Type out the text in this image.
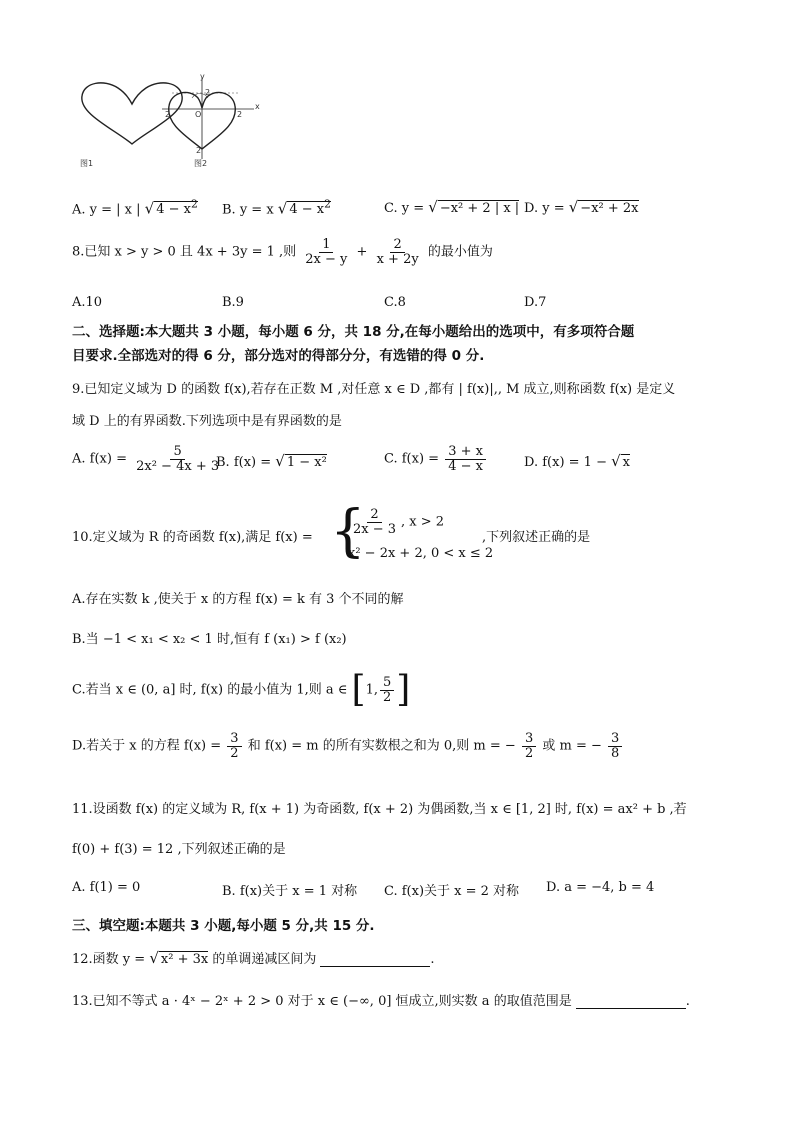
图1	图2
y
x
2	2
O
2
2
A. y = | x | √ $4 - x^2$ B. y = x √ $4 - x^2$	C. y = √ −x² + 2 | x | D. y = √ −x² + 2x
8.已知 x > y > 0 且 4x + 3y = 1 ,则 $\frac{1}{2x - y} + \frac{2}{x + 2y}$ 的最小值为
A.10	B.9	C.8	D.7
二、选择题:本大题共 3 小题，每小题 6 分，共 18 分,在每小题给出的选项中，有多项符合题
目要求.全部选对的得 6 分，部分选对的得部分分，有选错的得 0 分.
9.已知定义域为 D 的函数 f(x),若存在正数 M ,对任意 x ∈ D ,都有 | f(x)|,, M 成立,则称函数 f(x) 是定义
域 D 上的有界函数.下列选项中是有界函数的是
A. $f(x) = \frac{5}{\text{2x² − 4x + 3}}$
B. f(x) = √ 1 − x²	C. $f(x) = \frac{3 + x}{4 - x}$	D. f(x) = 1 − √ x
10.定义域为 R 的奇函数 f(x),满足 f(x) = {
$\frac{2}{2x - 3}$ , x > 2
x² − 2x + 2, 0 < x ≤ 2
,下列叙述正确的是
A.存在实数 k ,使关于 x 的方程 f(x) = k 有 3 个不同的解
B.当 −1 < x₁ < x₂ < 1 时,恒有 f (x₁) > f (x₂)
C.若当 x ∈ (0, a] 时, f(x) 的最小值为 1,则 a ∈ [1, $\frac{5}{2}$ ]
D.若关于 x 的方程 $f(x) = \frac{3}{2}$ 和 f(x) = m 的所有实数根之和为 0,则 m = − $\frac{3}{2}$ 或 m = − $\frac{3}{8}$
11.设函数 f(x) 的定义域为 R, f(x + 1) 为奇函数, f(x + 2) 为偶函数,当 x ∈ [1, 2] 时, f(x) = ax² + b ,若
f(0) + f(3) = 12 ,下列叙述正确的是
A. f(1) = 0	B. f(x)关于 x = 1 对称 C. f(x)关于 x = 2 对称 D. a = −4, b = 4
三、填空题:本题共 3 小题,每小题 5 分,共 15 分.
12.函数 y = √ x² + 3x 的单调递减区间为	.
13.已知不等式 a · 4ˣ − 2ˣ + 2 > 0 对于 x ∈ (−∞, 0] 恒成立,则实数 a 的取值范围是	.
